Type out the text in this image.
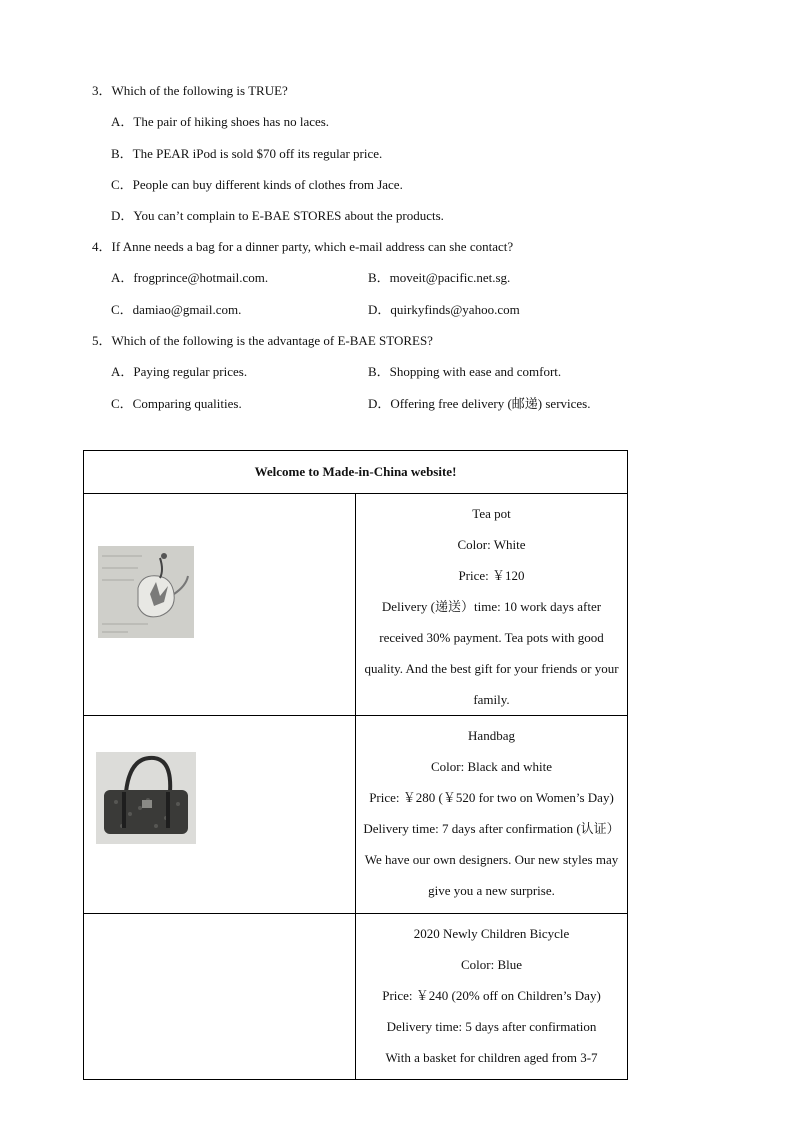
3．Which of the following is TRUE?
A．The pair of hiking shoes has no laces.
B．The PEAR iPod is sold $70 off its regular price.
C．People can buy different kinds of clothes from Jace.
D．You can’t complain to E-BAE STORES about the products.
4．If Anne needs a bag for a dinner party, which e-mail address can she contact?
A．frogprince@hotmail.com.	B．moveit@pacific.net.sg.
C．damiao@gmail.com.	D．quirkyfinds@yahoo.com
5．Which of the following is the advantage of E-BAE STORES?
A．Paying regular prices.	B．Shopping with ease and comfort.
C．Comparing qualities.	D．Offering free delivery (邮递) services.
Welcome to Made-in-China website!	

Tea pot

Color: White

Price: ￥120

Delivery (递送）time: 10 work days after received 30% payment. Tea pots with good quality. And the best gift for your friends or your family.

Handbag

Color: Black and white

Price: ￥280 (￥520 for two on Women’s Day)

Delivery time: 7 days after confirmation (认证）

We have our own designers. Our new styles may give you a new surprise.

	2020 Newly Children Bicycle

Color: Blue

Price: ￥240 (20% off on Children’s Day)

Delivery time: 5 days after confirmation

With a basket for children aged from 3-7
